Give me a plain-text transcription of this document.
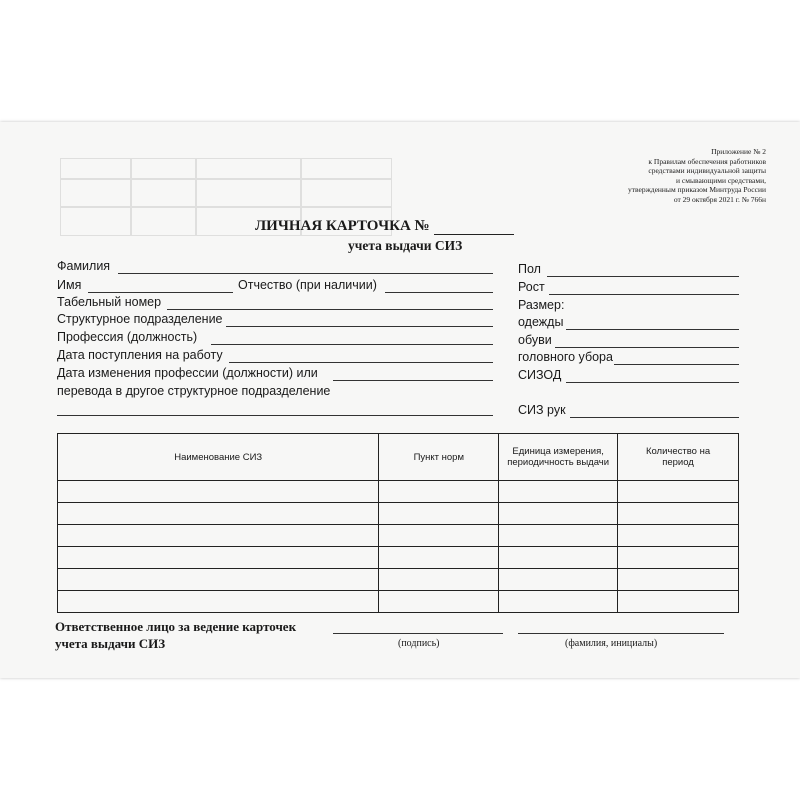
Приложение № 2
к Правилам обеспечения работников
средствами индивидуальной защиты
и смывающими средствами,
утвержденным приказом Минтруда России
от 29 октября 2021 г. № 766н
ЛИЧНАЯ КАРТОЧКА №
учета выдачи СИЗ
Фамилия
Имя	Отчество (при наличии)
Табельный номер
Структурное подразделение
Профессия (должность)
Дата поступления на работу
Дата изменения профессии (должности) или
перевода в другое структурное подразделение
Пол
Рост
Размер:
одежды
обуви
головного убора
СИЗОД
СИЗ рук
Наименование СИЗ	Пункт норм	Единица измерения, периодичность выдачи	Количество на период

Ответственное лицо за ведение карточек
учета выдачи СИЗ	(подпись)	(фамилия, инициалы)
